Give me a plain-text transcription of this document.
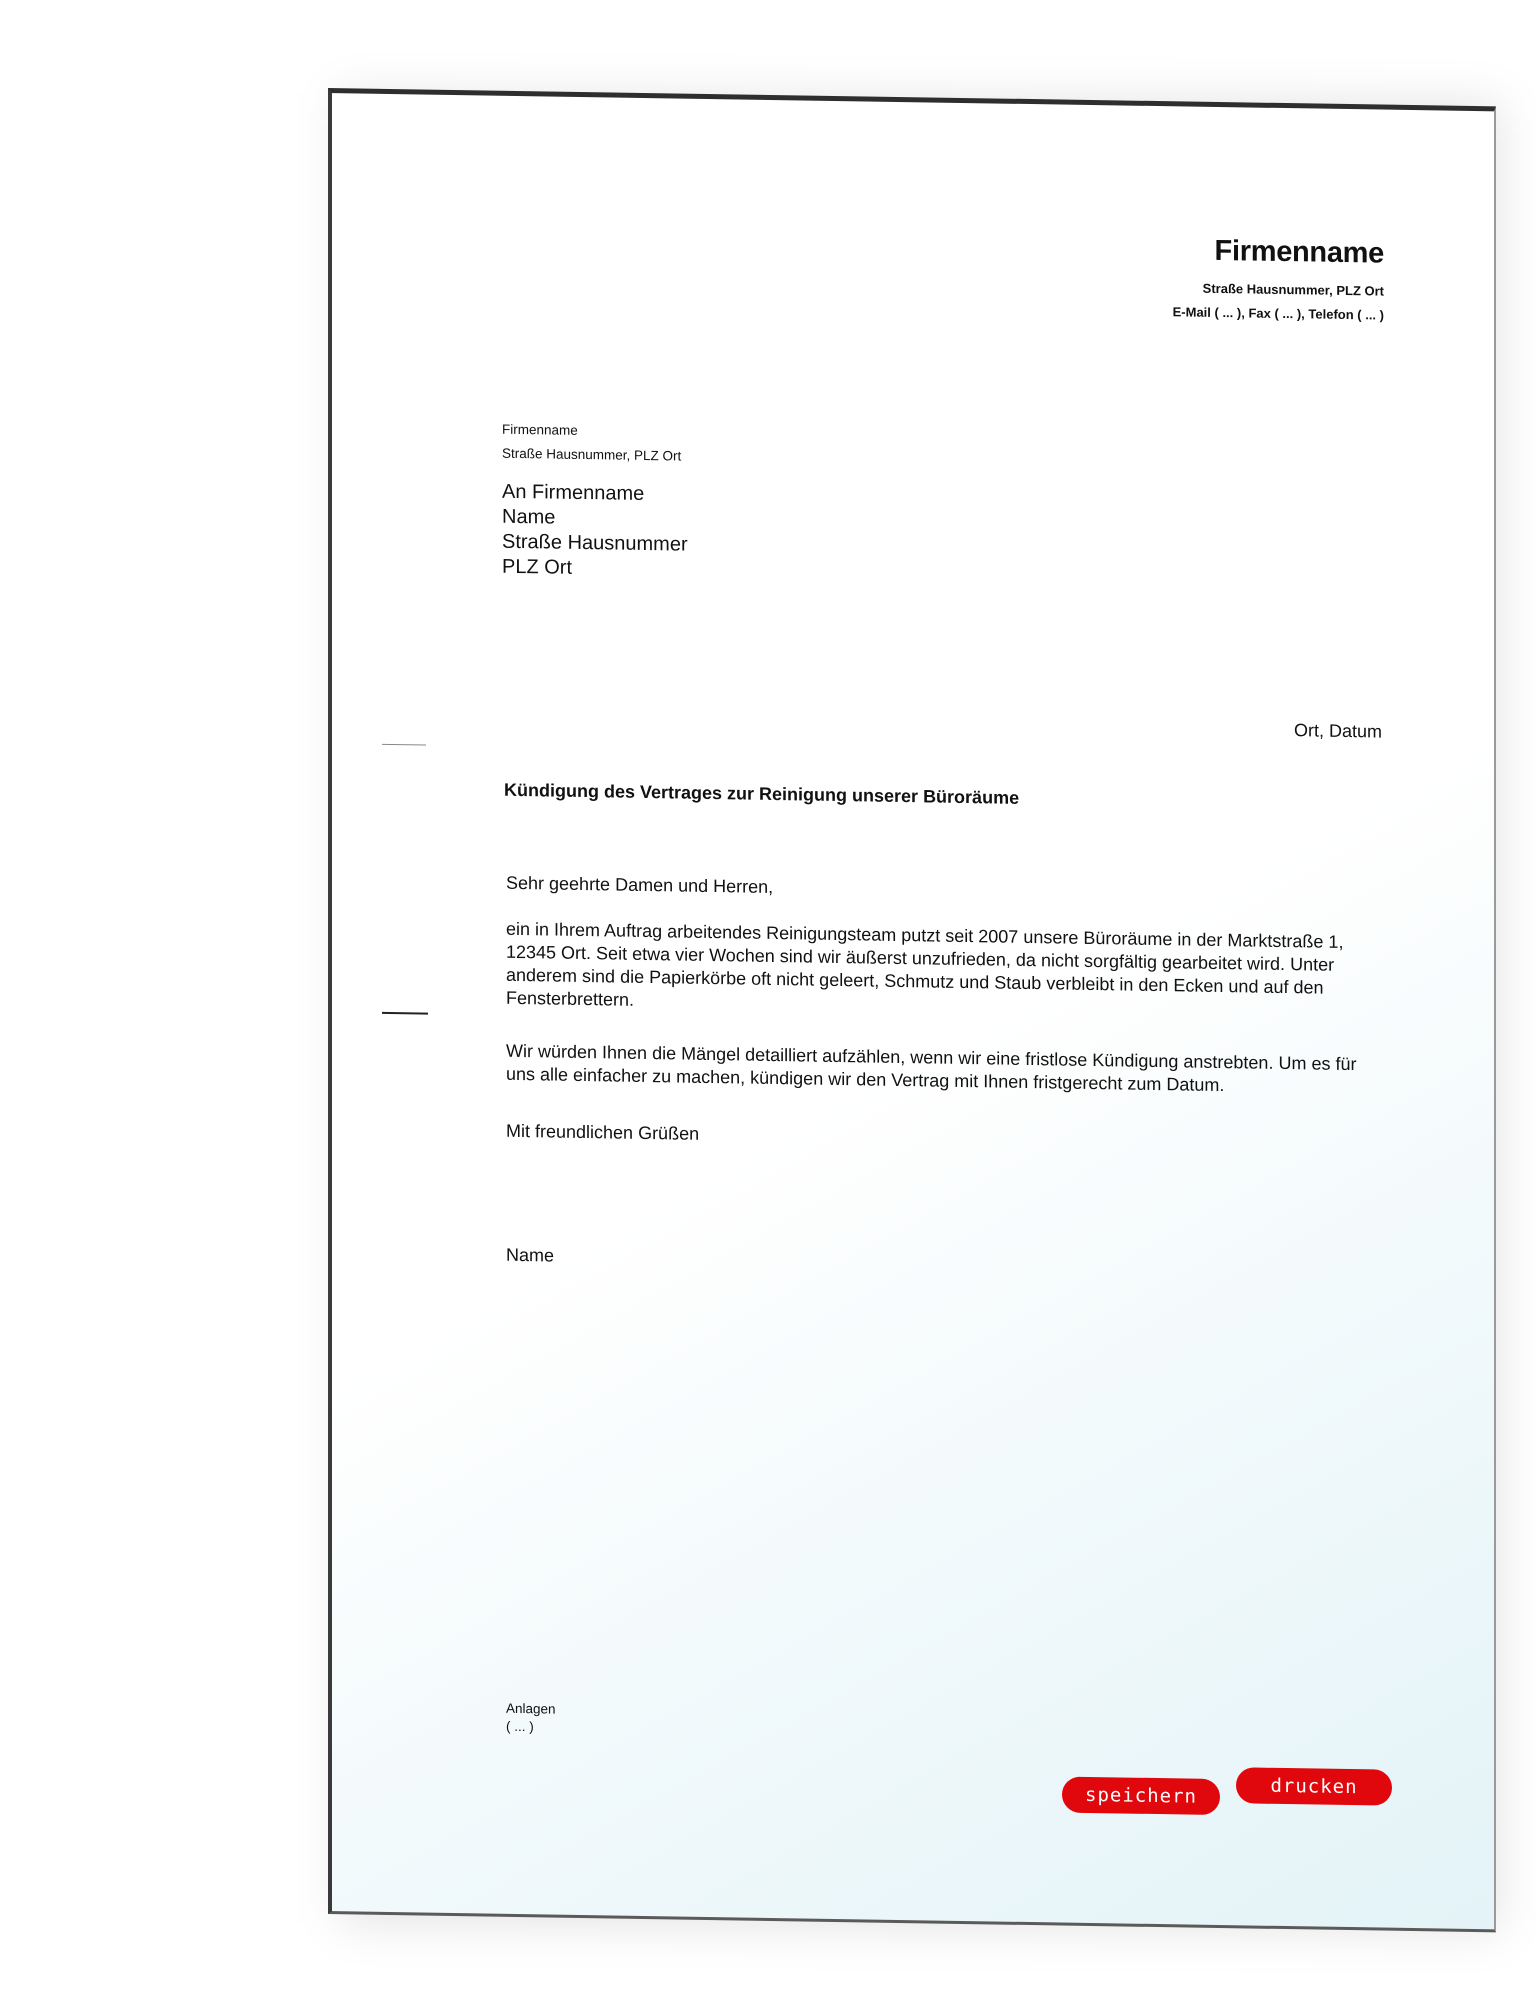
Firmenname
Straße Hausnummer, PLZ Ort
E-Mail ( ... ), Fax ( ... ), Telefon ( ... )
Firmenname
Straße Hausnummer, PLZ Ort
An Firmenname
Name
Straße Hausnummer
PLZ Ort
Ort, Datum
Kündigung des Vertrages zur Reinigung unserer Büroräume
Sehr geehrte Damen und Herren,

ein in Ihrem Auftrag arbeitendes Reinigungsteam putzt seit 2007 unsere Büroräume in der Marktstraße 1, 12345 Ort. Seit etwa vier Wochen sind wir äußerst unzufrieden, da nicht sorgfältig gearbeitet wird. Unter anderem sind die Papierkörbe oft nicht geleert, Schmutz und Staub verbleibt in den Ecken und auf den Fensterbrettern.

Wir würden Ihnen die Mängel detailliert aufzählen, wenn wir eine fristlose Kündigung anstrebten. Um es für uns alle einfacher zu machen, kündigen wir den Vertrag mit Ihnen fristgerecht zum Datum.

Mit freundlichen Grüßen
Name
Anlagen
( ... )
speichern	drucken
